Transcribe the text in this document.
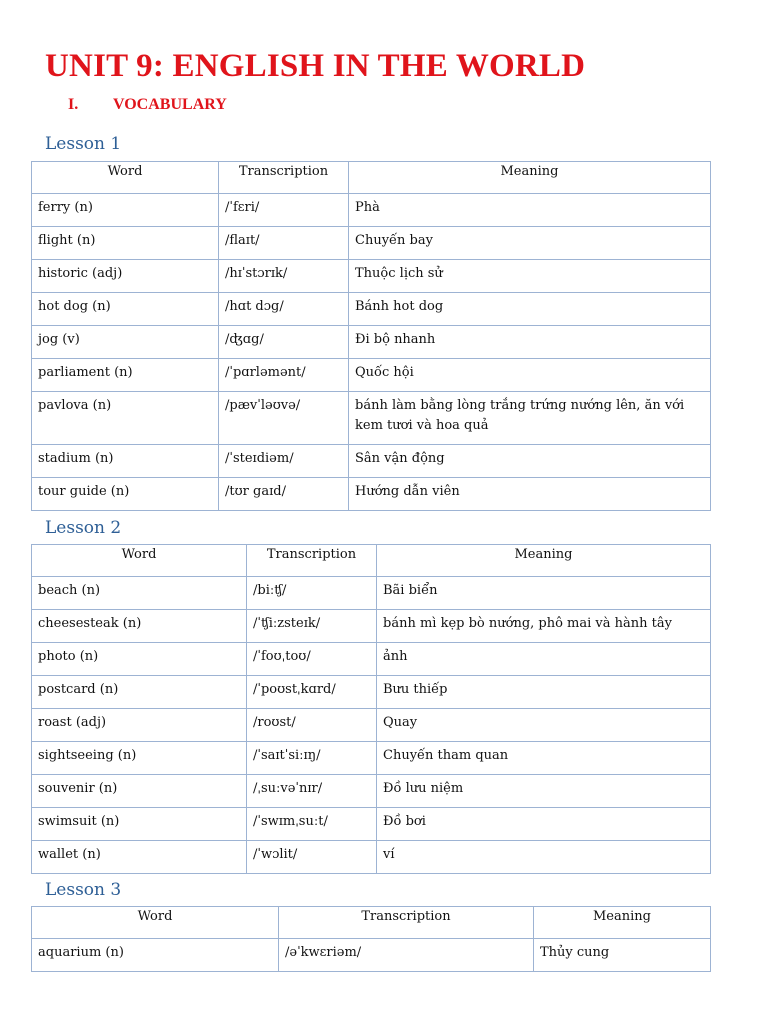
UNIT 9: ENGLISH IN THE WORLD
I. VOCABULARY
Lesson 1
Word	Transcription	Meaning
ferry (n)	/ˈfɛri/	Phà
flight (n)	/flaɪt/	Chuyến bay
historic (adj)	/hɪˈstɔrɪk/	Thuộc lịch sử
hot dog (n)	/hɑt dɔg/	Bánh hot dog
jog (v)	/ʤɑg/	Đi bộ nhanh
parliament (n)	/ˈpɑrləmənt/	Quốc hội
pavlova (n)	/pævˈləʊvə/	bánh làm bằng lòng trắng trứng nướng lên, ăn với kem tươi và hoa quả
stadium (n)	/ˈsteɪdiəm/	Sân vận động
tour guide (n)	/tʊr gaɪd/	Hướng dẫn viên
Lesson 2
Word	Transcription	Meaning
beach (n)	/biːʧ/	Bãi biển
cheesesteak (n)	/ˈʧiːzsteɪk/	bánh mì kẹp bò nướng, phô mai và hành tây
photo (n)	/ˈfoʊˌtoʊ/	ảnh
postcard (n)	/ˈpoʊstˌkɑrd/	Bưu thiếp
roast (adj)	/roʊst/	Quay
sightseeing (n)	/ˈsaɪtˈsiːɪŋ/	Chuyến tham quan
souvenir (n)	/ˌsuːvəˈnɪr/	Đồ lưu niệm
swimsuit (n)	/ˈswɪmˌsuːt/	Đồ bơi
wallet (n)	/ˈwɔlit/	ví
Lesson 3
Word	Transcription	Meaning
aquarium (n)	/əˈkwɛriəm/	Thủy cung
